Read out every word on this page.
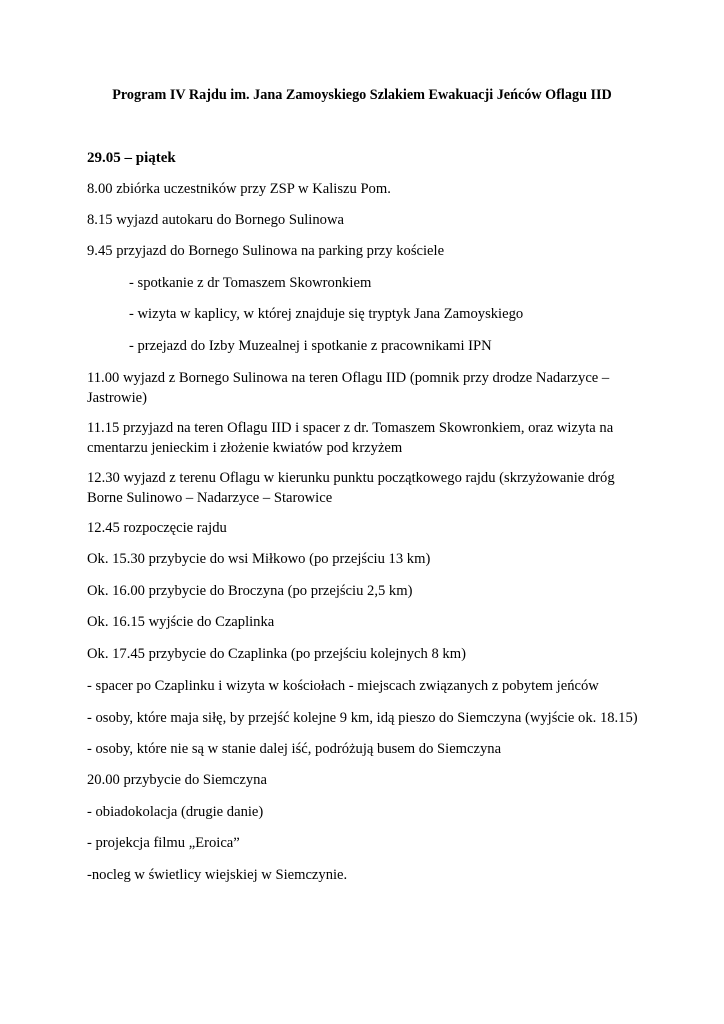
Program IV Rajdu im. Jana Zamoyskiego Szlakiem Ewakuacji Jeńców Oflagu IID
29.05 – piątek
8.00 zbiórka uczestników przy ZSP w Kaliszu Pom.
8.15 wyjazd autokaru do Bornego Sulinowa
9.45 przyjazd do Bornego Sulinowa na parking przy kościele
- spotkanie z dr Tomaszem Skowronkiem
- wizyta w kaplicy, w której znajduje się tryptyk Jana Zamoyskiego
- przejazd do Izby Muzealnej i spotkanie z pracownikami IPN
11.00 wyjazd z Bornego Sulinowa na teren Oflagu IID (pomnik przy drodze Nadarzyce – Jastrowie)
11.15 przyjazd na teren Oflagu IID i spacer z dr. Tomaszem Skowronkiem, oraz wizyta na cmentarzu jenieckim i złożenie kwiatów pod krzyżem
12.30 wyjazd z terenu Oflagu w kierunku punktu początkowego rajdu (skrzyżowanie dróg Borne Sulinowo – Nadarzyce – Starowice
12.45 rozpoczęcie rajdu
Ok. 15.30 przybycie do wsi Miłkowo (po przejściu 13 km)
Ok. 16.00 przybycie do Broczyna (po przejściu 2,5 km)
Ok. 16.15 wyjście do Czaplinka
Ok. 17.45 przybycie do Czaplinka (po przejściu kolejnych 8 km)
- spacer po Czaplinku i wizyta w kościołach - miejscach związanych z pobytem jeńców
- osoby, które maja siłę, by przejść kolejne 9 km, idą pieszo do Siemczyna (wyjście ok. 18.15)
- osoby, które nie są w stanie dalej iść, podróżują busem do Siemczyna
20.00 przybycie do Siemczyna
- obiadokolacja (drugie danie)
- projekcja filmu „Eroica”
-nocleg w świetlicy wiejskiej w Siemczynie.
